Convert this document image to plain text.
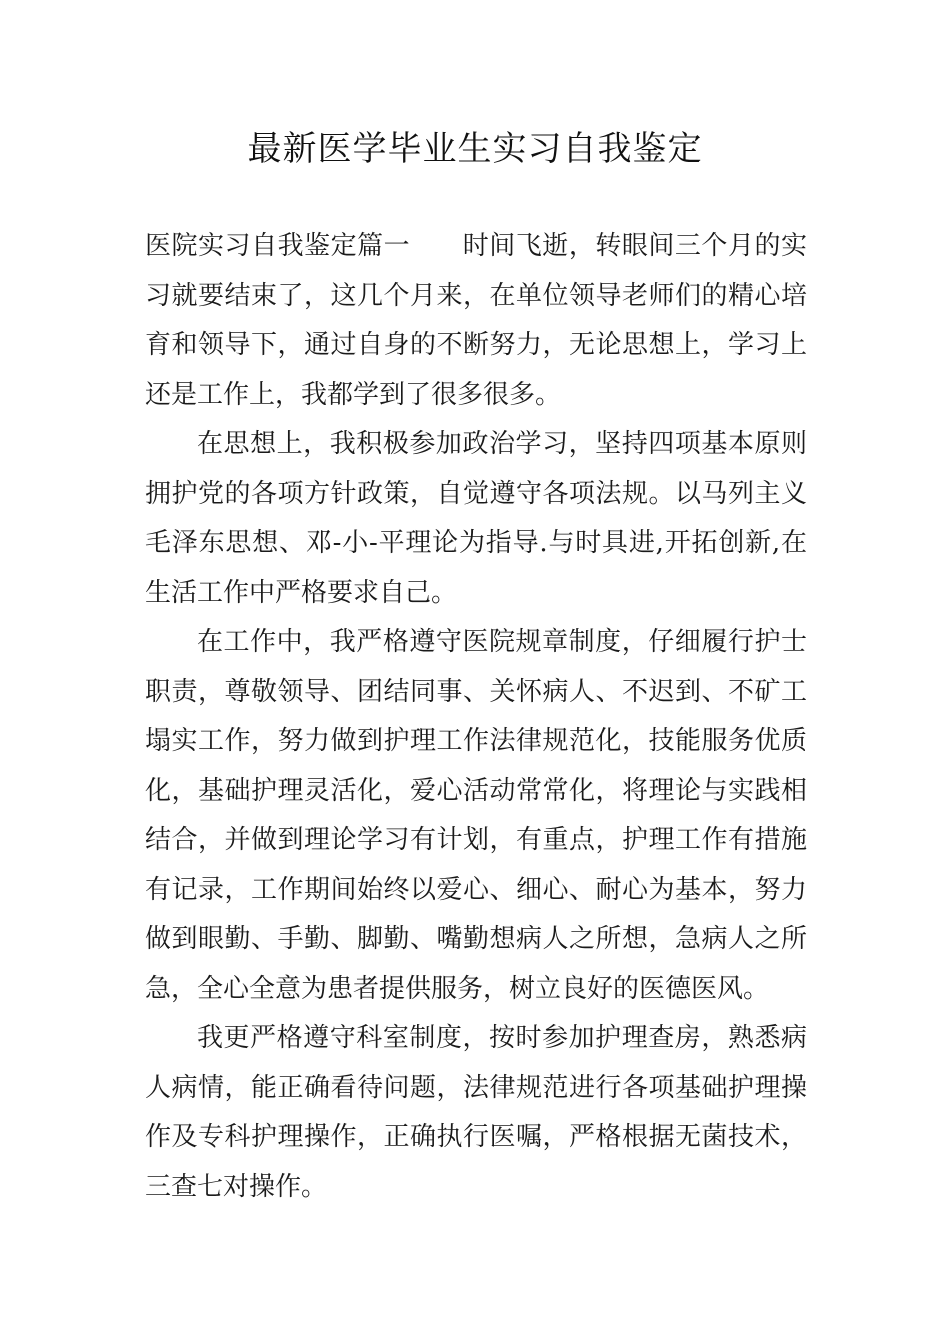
最新医学毕业生实习自我鉴定

医院实习自我鉴定篇一 时间飞逝，转眼间三个月的实习就要结束了，这几个月来，在单位领导老师们的精心培育和领导下，通过自身的不断努力，无论思想上，学习上还是工作上，我都学到了很多很多。

在思想上，我积极参加政治学习，坚持四项基本原则拥护党的各项方针政策，自觉遵守各项法规。以马列主义毛泽东思想、邓-小-平理论为指导.与时具进,开拓创新,在生活工作中严格要求自己。

在工作中，我严格遵守医院规章制度，仔细履行护士职责，尊敬领导、团结同事、关怀病人、不迟到、不矿工塌实工作，努力做到护理工作法律规范化，技能服务优质化，基础护理灵活化，爱心活动常常化，将理论与实践相结合，并做到理论学习有计划，有重点，护理工作有措施有记录，工作期间始终以爱心、细心、耐心为基本，努力做到眼勤、手勤、脚勤、嘴勤想病人之所想，急病人之所急，全心全意为患者提供服务，树立良好的医德医风。

我更严格遵守科室制度，按时参加护理查房，熟悉病人病情，能正确看待问题，法律规范进行各项基础护理操作及专科护理操作，正确执行医嘱，严格根据无菌技术，三查七对操作。
